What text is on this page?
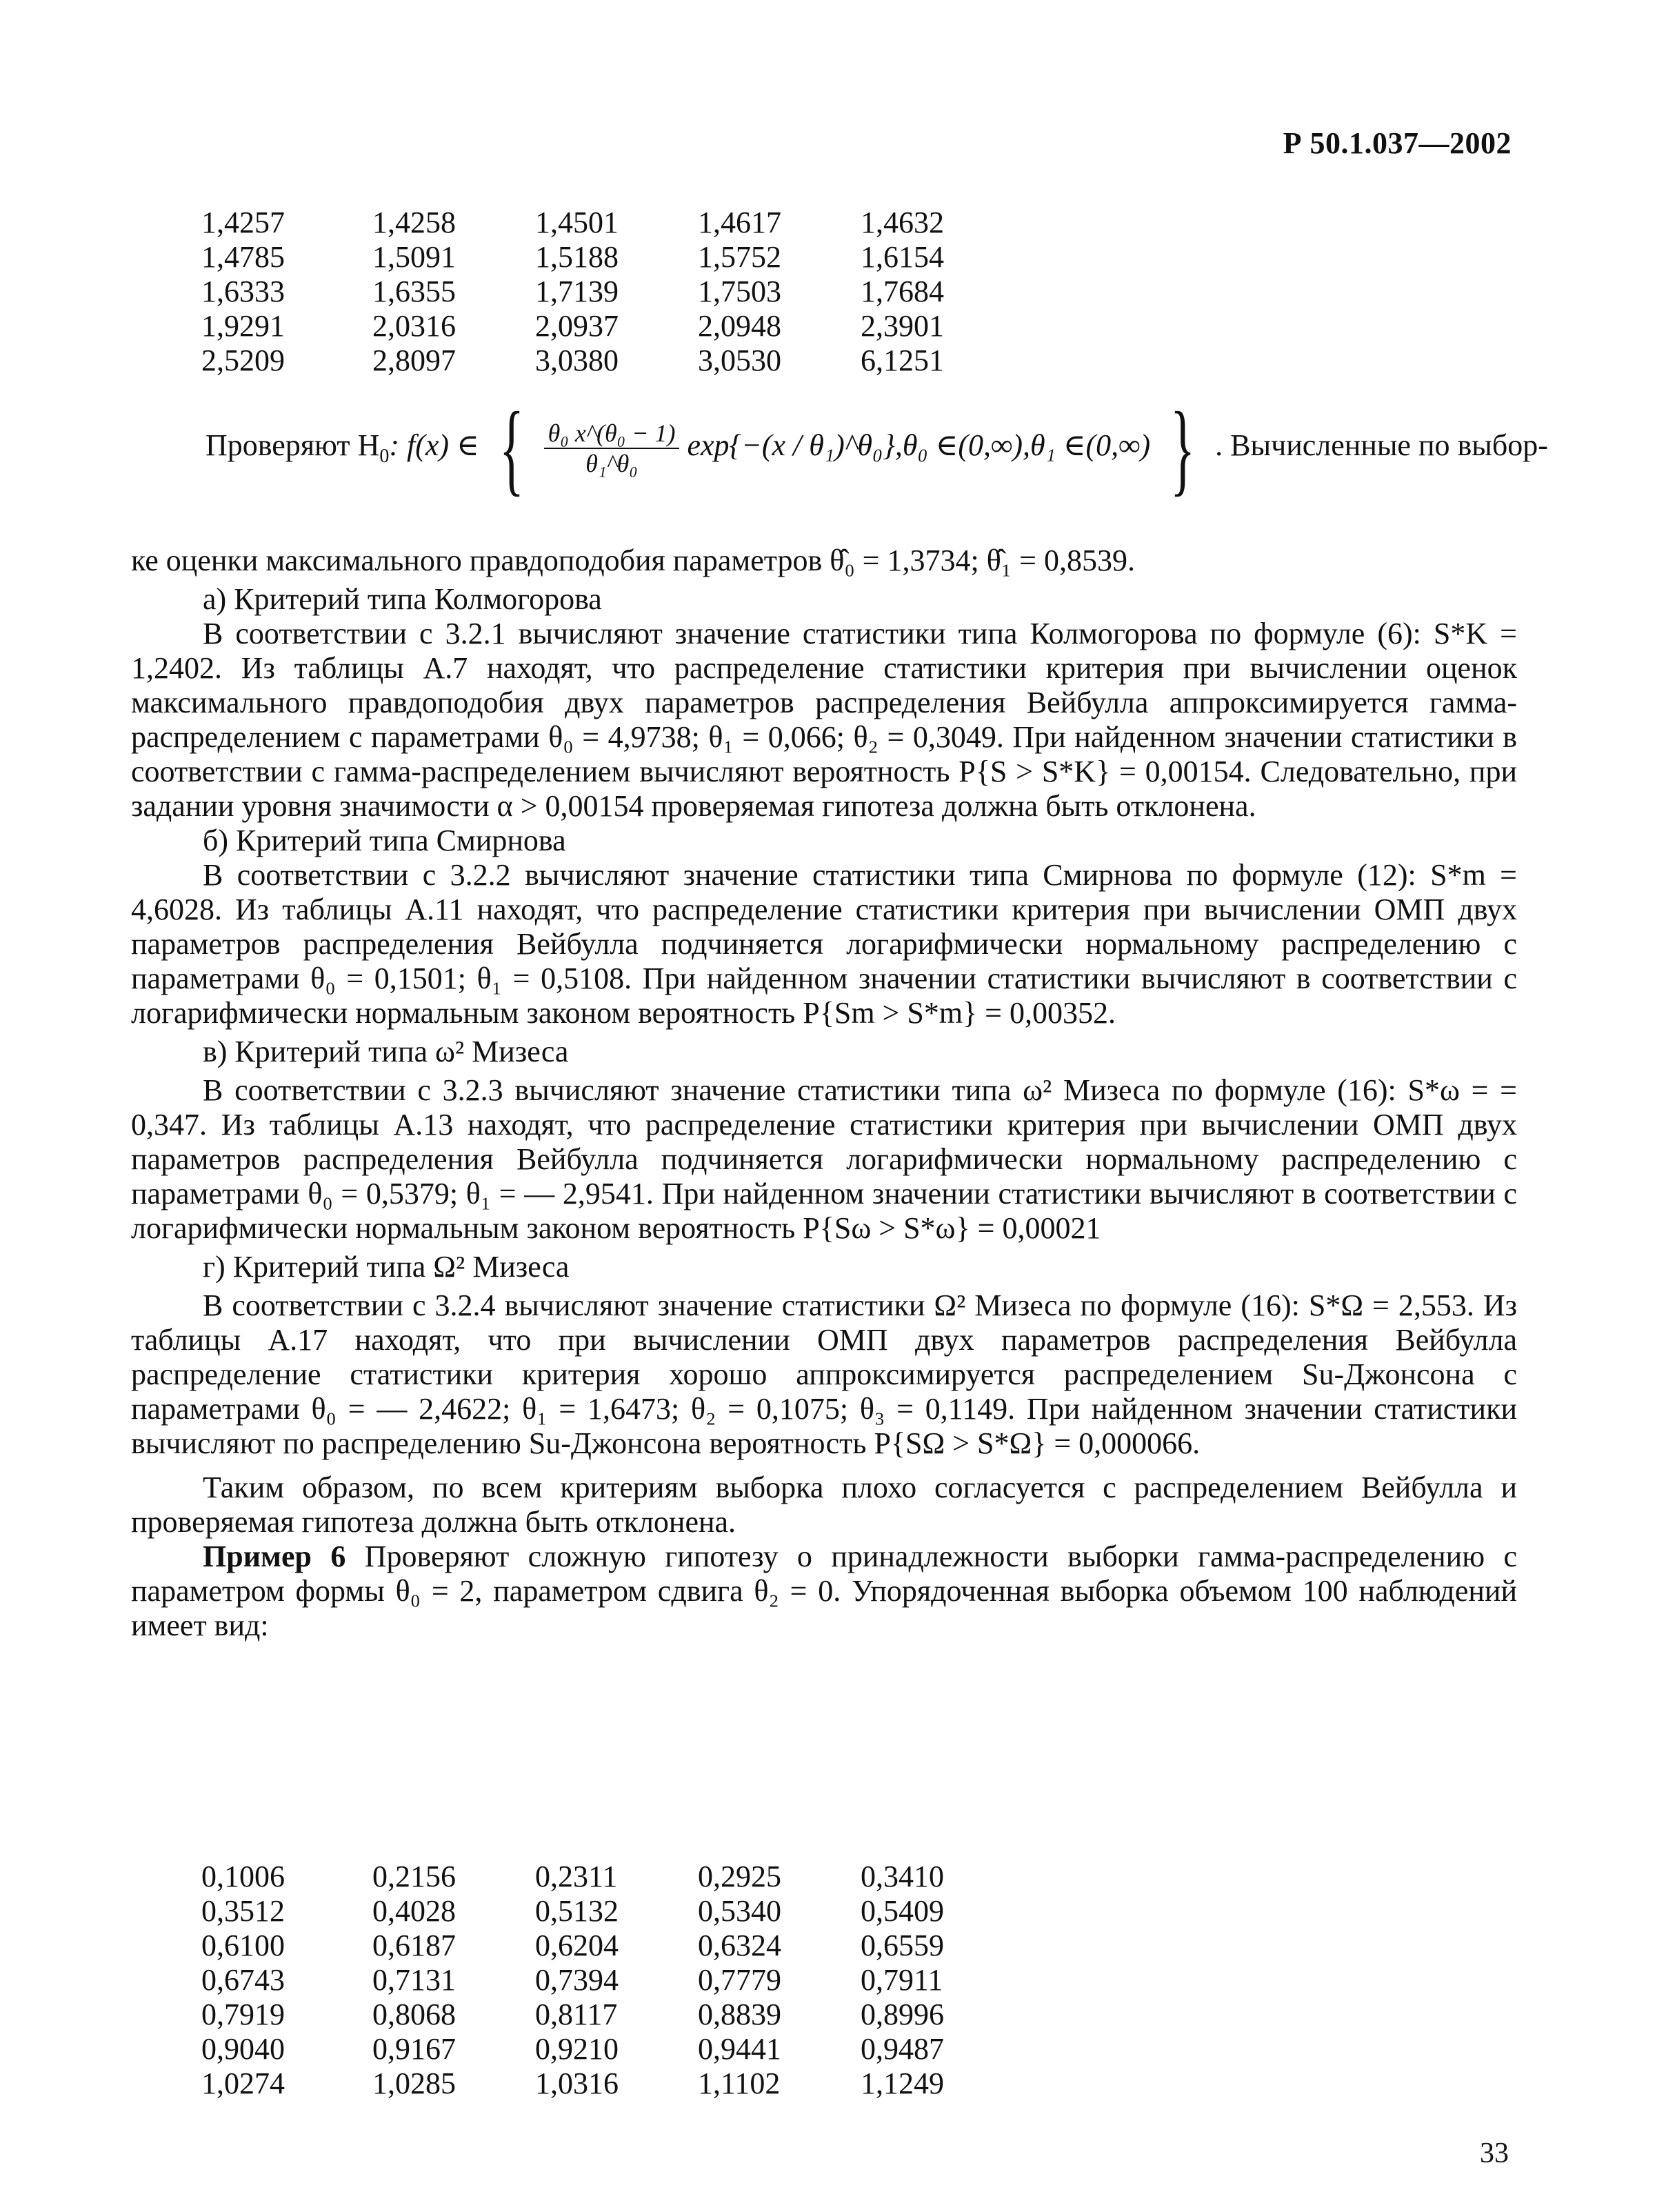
Р 50.1.037—2002
1,4257	1,4258	1,4501	1,4617	1,4632
1,4785	1,5091	1,5188	1,5752	1,6154
1,6333	1,6355	1,7139	1,7503	1,7684
1,9291	2,0316	2,0937	2,0948	2,3901
2,5209	2,8097	3,0380	3,0530	6,1251
Проверяют $H_0$: f(x) ∈ { $\frac{\text{θ₀ x\textasciicircum{}(θ₀ − 1)}}{\text{θ₁\textasciicircum{}θ₀}} \exp\{-(x$ / θ₁)^θ₀},θ₀ ∈(0,∞),θ₁ ∈(0,∞) } . Вычисленные по выбор-

ке оценки максимального правдоподобия параметров θ̂₀ = 1,3734; θ̂₁ = 0,8539.

а) Критерий типа Колмогорова

В соответствии с 3.2.1 вычисляют значение статистики типа Колмогорова по формуле (6): S*K = 1,2402. Из таблицы А.7 находят, что распределение статистики критерия при вычислении оценок максимального правдоподобия двух параметров распределения Вейбулла аппроксимируется гамма-распределением с параметрами θ₀ = 4,9738; θ₁ = 0,066; θ₂ = 0,3049. При найденном значении статистики в соответствии с гамма-распределением вычисляют вероятность P{S > S*K} = 0,00154. Следовательно, при задании уровня значимости α > 0,00154 проверяемая гипотеза должна быть отклонена.

б) Критерий типа Смирнова

В соответствии с 3.2.2 вычисляют значение статистики типа Смирнова по формуле (12): S*m = 4,6028. Из таблицы А.11 находят, что распределение статистики критерия при вычислении ОМП двух параметров распределения Вейбулла подчиняется логарифмически нормальному распределению с параметрами θ₀ = 0,1501; θ₁ = 0,5108. При найденном значении статистики вычисляют в соответствии с логарифмически нормальным законом вероятность P{Sm > S*m} = 0,00352.

в) Критерий типа ω² Мизеса

В соответствии с 3.2.3 вычисляют значение статистики типа ω² Мизеса по формуле (16): S*ω = = 0,347. Из таблицы А.13 находят, что распределение статистики критерия при вычислении ОМП двух параметров распределения Вейбулла подчиняется логарифмически нормальному распределению с параметрами θ₀ = 0,5379; θ₁ = — 2,9541. При найденном значении статистики вычисляют в соответствии с логарифмически нормальным законом вероятность P{Sω > S*ω} = 0,00021

г) Критерий типа Ω² Мизеса

В соответствии с 3.2.4 вычисляют значение статистики Ω² Мизеса по формуле (16): S*Ω = 2,553. Из таблицы А.17 находят, что при вычислении ОМП двух параметров распределения Вейбулла распределение статистики критерия хорошо аппроксимируется распределением Su-Джонсона с параметрами θ₀ = — 2,4622; θ₁ = 1,6473; θ₂ = 0,1075; θ₃ = 0,1149. При найденном значении статистики вычисляют по распределению Su-Джонсона вероятность P{SΩ > S*Ω} = 0,000066.

Таким образом, по всем критериям выборка плохо согласуется с распределением Вейбулла и проверяемая гипотеза должна быть отклонена.

Пример 6 Проверяют сложную гипотезу о принадлежности выборки гамма-распределению с параметром формы θ₀ = 2, параметром сдвига θ₂ = 0. Упорядоченная выборка объемом 100 наблюдений имеет вид:

0,1006	0,2156	0,2311	0,2925	0,3410
0,3512	0,4028	0,5132	0,5340	0,5409
0,6100	0,6187	0,6204	0,6324	0,6559
0,6743	0,7131	0,7394	0,7779	0,7911
0,7919	0,8068	0,8117	0,8839	0,8996
0,9040	0,9167	0,9210	0,9441	0,9487
1,0274	1,0285	1,0316	1,1102	1,1249
33
